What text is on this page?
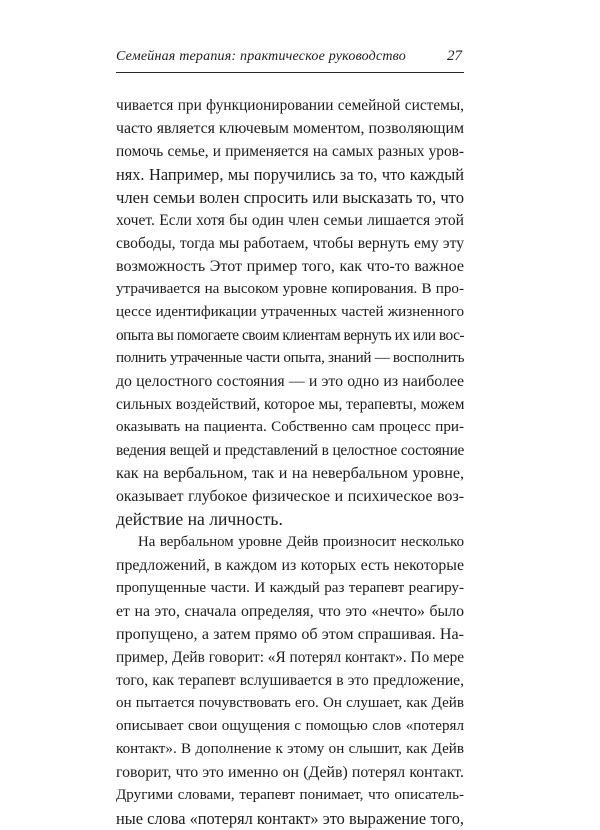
Семейная терапия: практическое руководство	27
чивается при функционировании семейной системы,
часто является ключевым моментом, позволяющим
помочь семье, и применяется на самых разных уров-
нях. Например, мы поручились за то, что каждый
член семьи волен спросить или высказать то, что
хочет. Если хотя бы один член семьи лишается этой
свободы, тогда мы работаем, чтобы вернуть ему эту
возможность Этот пример того, как что-то важное
утрачивается на высоком уровне копирования. В про-
цессе идентификации утраченных частей жизненного
опыта вы помогаете своим клиентам вернуть их или вос-
полнить утраченные части опыта, знаний — восполнить
до целостного состояния — и это одно из наиболее
сильных воздействий, которое мы, терапевты, можем
оказывать на пациента. Собственно сам процесс при-
ведения вещей и представлений в целостное состояние
как на вербальном, так и на невербальном уровне,
оказывает глубокое физическое и психическое воз-
действие на личность.
На вербальном уровне Дейв произносит несколько
предложений, в каждом из которых есть некоторые
пропущенные части. И каждый раз терапевт реагиру-
ет на это, сначала определяя, что это «нечто» было
пропущено, а затем прямо об этом спрашивая. На-
пример, Дейв говорит: «Я потерял контакт». По мере
того, как терапевт вслушивается в это предложение,
он пытается почувствовать его. Он слушает, как Дейв
описывает свои ощущения с помощью слов «потерял
контакт». В дополнение к этому он слышит, как Дейв
говорит, что это именно он (Дейв) потерял контакт.
Другими словами, терапевт понимает, что описатель-
ные слова «потерял контакт» это выражение того,
